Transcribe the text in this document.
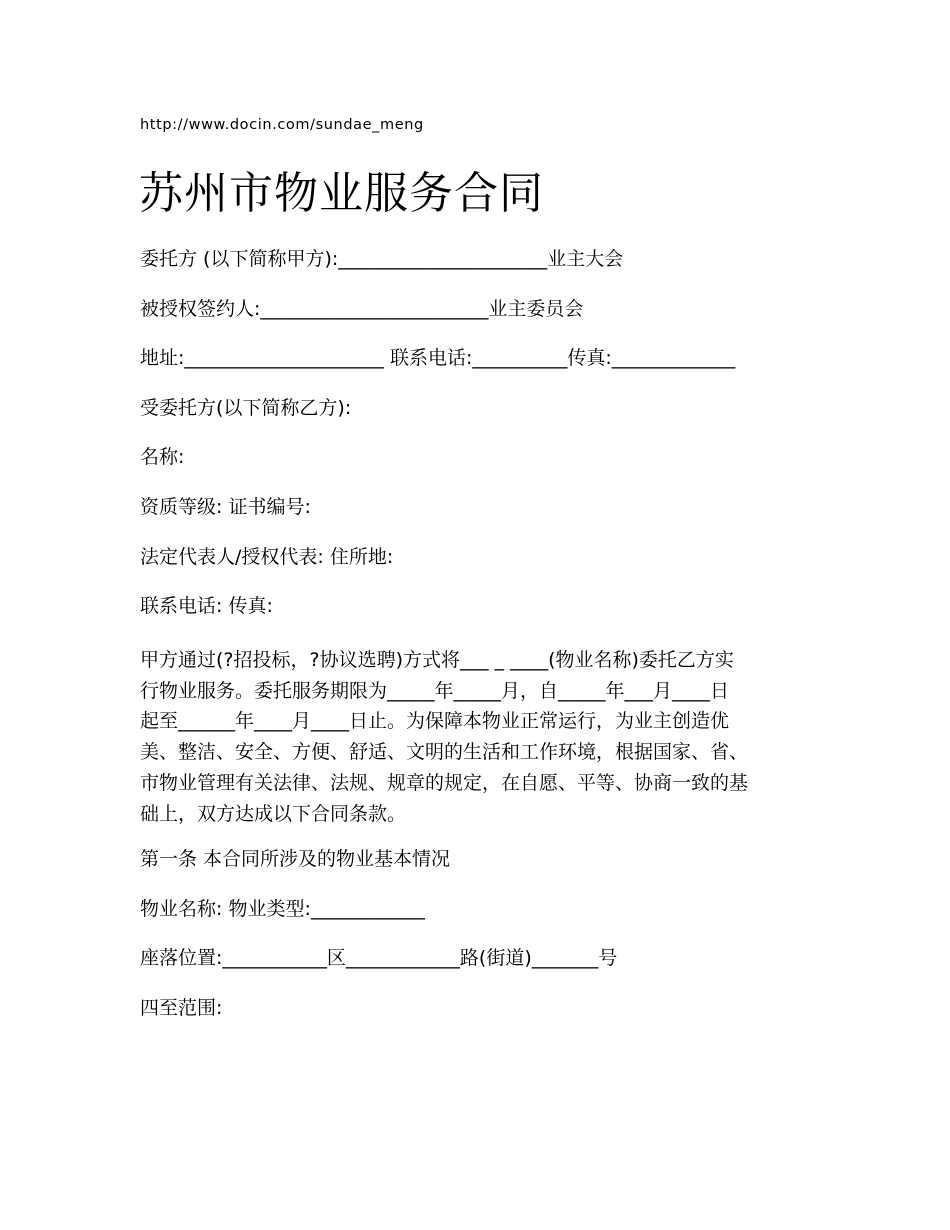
http://www.docin.com/sundae_meng
苏州市物业服务合同
委托方 (以下简称甲方):______________________业主大会
被授权签约人:________________________业主委员会
地址:_____________________ 联系电话:__________传真:_____________
受委托方(以下简称乙方):
名称:
资质等级: 证书编号:
法定代表人/授权代表: 住所地:
联系电话: 传真:
甲方通过(?招投标，?协议选聘)方式将___ _ ____(物业名称)委托乙方实
行物业服务。委托服务期限为_____年_____月，自_____年___月____日
起至______年____月____日止。为保障本物业正常运行，为业主创造优
美、整洁、安全、方便、舒适、文明的生活和工作环境，根据国家、省、
市物业管理有关法律、法规、规章的规定，在自愿、平等、协商一致的基
础上，双方达成以下合同条款。
第一条 本合同所涉及的物业基本情况
物业名称: 物业类型:____________
座落位置:___________区____________路(街道)_______号
四至范围:
